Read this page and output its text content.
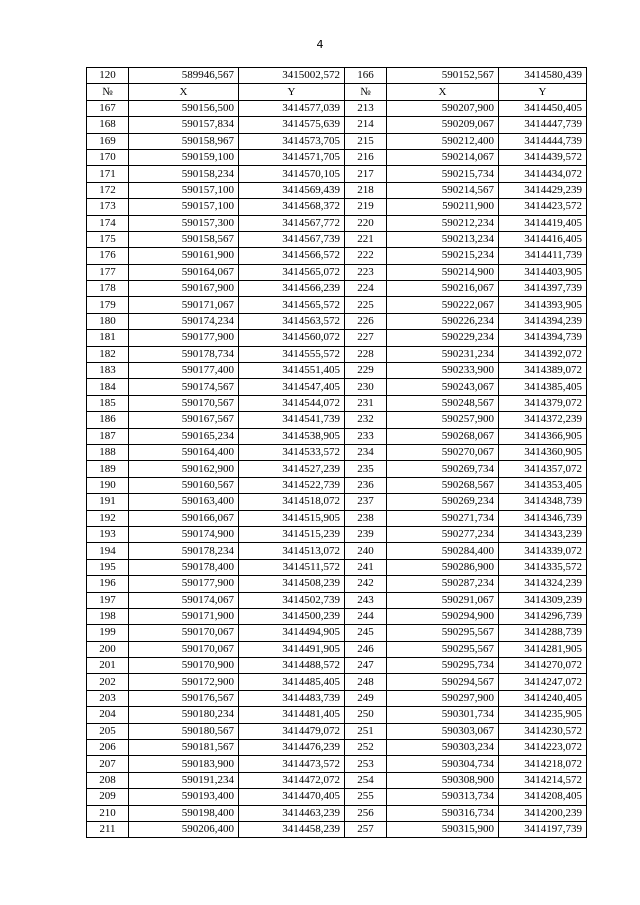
4
120	589946,567	3415002,572	166	590152,567	3414580,439
№	X	Y	№	X	Y
167	590156,500	3414577,039	213	590207,900	3414450,405
168	590157,834	3414575,639	214	590209,067	3414447,739
169	590158,967	3414573,705	215	590212,400	3414444,739
170	590159,100	3414571,705	216	590214,067	3414439,572
171	590158,234	3414570,105	217	590215,734	3414434,072
172	590157,100	3414569,439	218	590214,567	3414429,239
173	590157,100	3414568,372	219	590211,900	3414423,572
174	590157,300	3414567,772	220	590212,234	3414419,405
175	590158,567	3414567,739	221	590213,234	3414416,405
176	590161,900	3414566,572	222	590215,234	3414411,739
177	590164,067	3414565,072	223	590214,900	3414403,905
178	590167,900	3414566,239	224	590216,067	3414397,739
179	590171,067	3414565,572	225	590222,067	3414393,905
180	590174,234	3414563,572	226	590226,234	3414394,239
181	590177,900	3414560,072	227	590229,234	3414394,739
182	590178,734	3414555,572	228	590231,234	3414392,072
183	590177,400	3414551,405	229	590233,900	3414389,072
184	590174,567	3414547,405	230	590243,067	3414385,405
185	590170,567	3414544,072	231	590248,567	3414379,072
186	590167,567	3414541,739	232	590257,900	3414372,239
187	590165,234	3414538,905	233	590268,067	3414366,905
188	590164,400	3414533,572	234	590270,067	3414360,905
189	590162,900	3414527,239	235	590269,734	3414357,072
190	590160,567	3414522,739	236	590268,567	3414353,405
191	590163,400	3414518,072	237	590269,234	3414348,739
192	590166,067	3414515,905	238	590271,734	3414346,739
193	590174,900	3414515,239	239	590277,234	3414343,239
194	590178,234	3414513,072	240	590284,400	3414339,072
195	590178,400	3414511,572	241	590286,900	3414335,572
196	590177,900	3414508,239	242	590287,234	3414324,239
197	590174,067	3414502,739	243	590291,067	3414309,239
198	590171,900	3414500,239	244	590294,900	3414296,739
199	590170,067	3414494,905	245	590295,567	3414288,739
200	590170,067	3414491,905	246	590295,567	3414281,905
201	590170,900	3414488,572	247	590295,734	3414270,072
202	590172,900	3414485,405	248	590294,567	3414247,072
203	590176,567	3414483,739	249	590297,900	3414240,405
204	590180,234	3414481,405	250	590301,734	3414235,905
205	590180,567	3414479,072	251	590303,067	3414230,572
206	590181,567	3414476,239	252	590303,234	3414223,072
207	590183,900	3414473,572	253	590304,734	3414218,072
208	590191,234	3414472,072	254	590308,900	3414214,572
209	590193,400	3414470,405	255	590313,734	3414208,405
210	590198,400	3414463,239	256	590316,734	3414200,239
211	590206,400	3414458,239	257	590315,900	3414197,739
